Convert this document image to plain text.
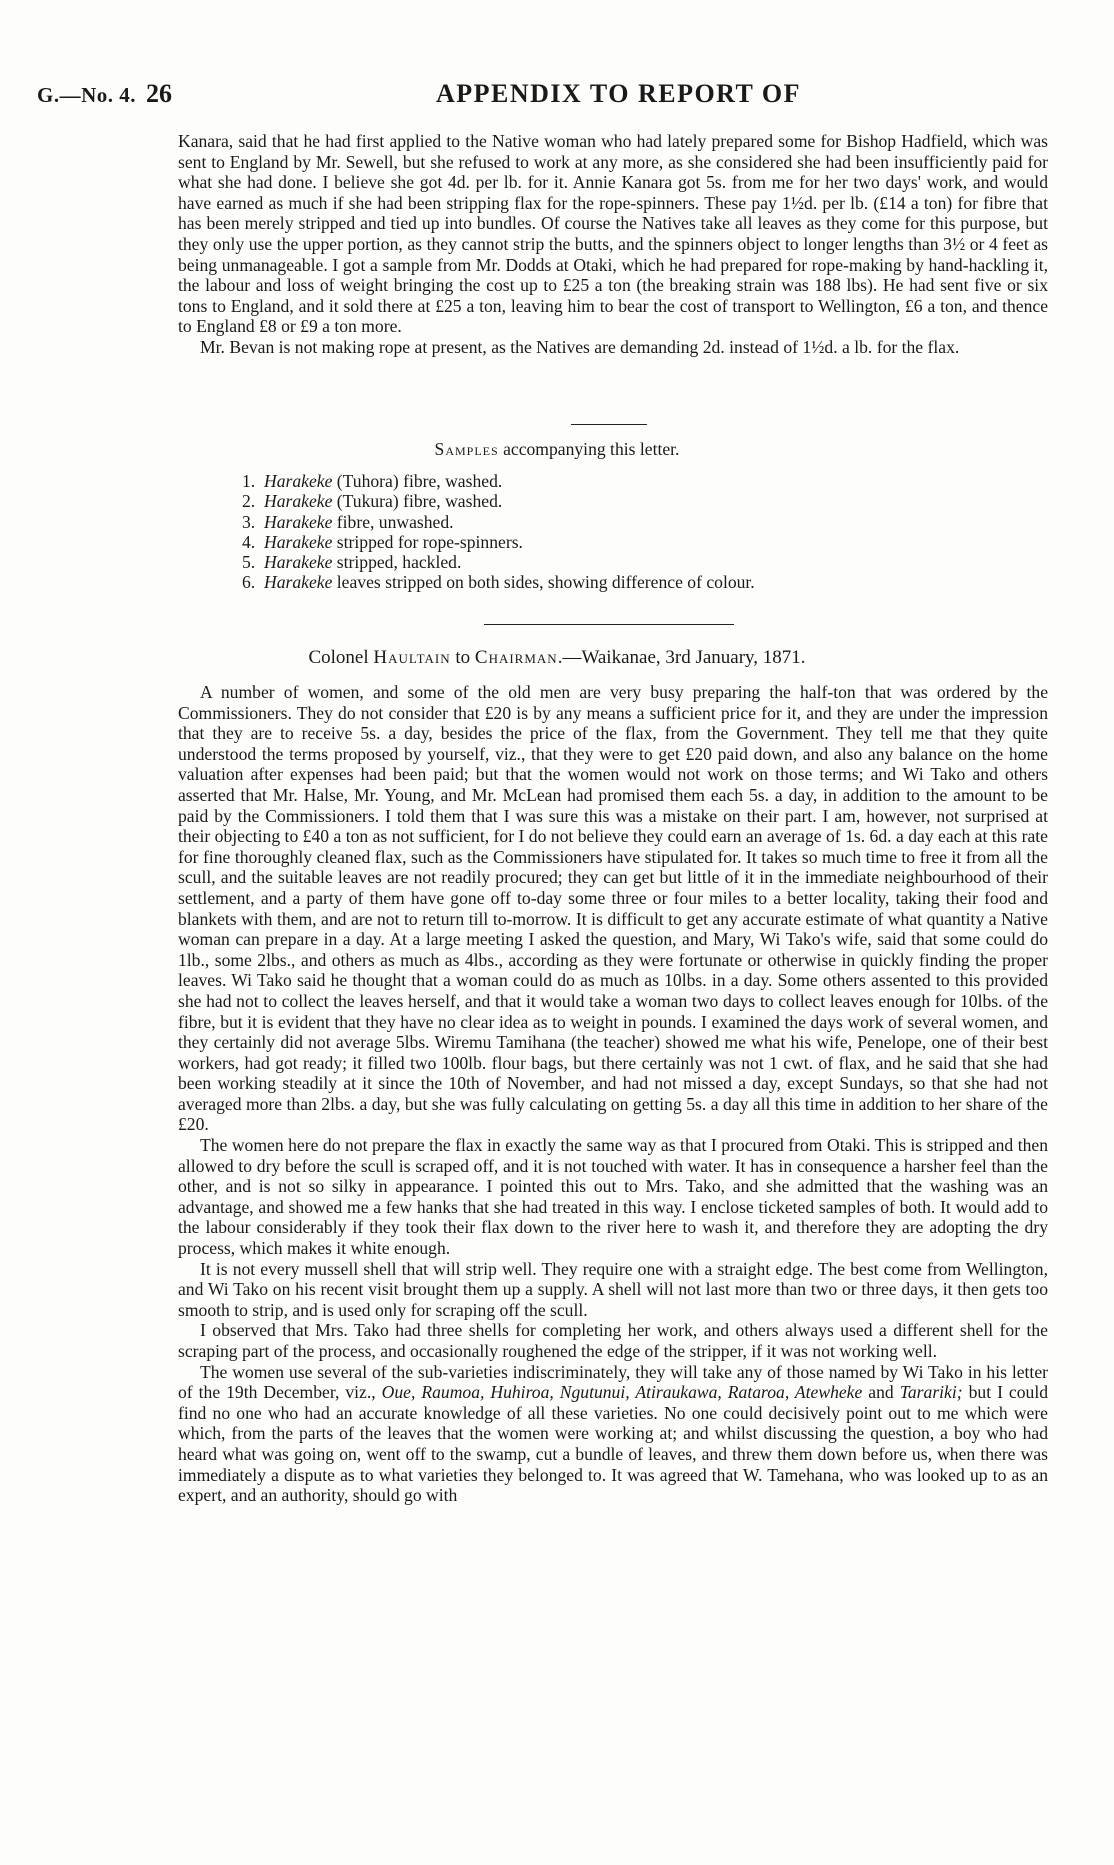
G.—No. 4. 26	APPENDIX TO REPORT OF

Kanara, said that he had first applied to the Native woman who had lately prepared some for Bishop Hadfield, which was sent to England by Mr. Sewell, but she refused to work at any more, as she considered she had been insufficiently paid for what she had done. I believe she got 4d. per lb. for it. Annie Kanara got 5s. from me for her two days' work, and would have earned as much if she had been stripping flax for the rope-spinners. These pay 1½d. per lb. (£14 a ton) for fibre that has been merely stripped and tied up into bundles. Of course the Natives take all leaves as they come for this purpose, but they only use the upper portion, as they cannot strip the butts, and the spinners object to longer lengths than 3½ or 4 feet as being unmanageable. I got a sample from Mr. Dodds at Otaki, which he had prepared for rope-making by hand-hackling it, the labour and loss of weight bringing the cost up to £25 a ton (the breaking strain was 188 lbs). He had sent five or six tons to England, and it sold there at £25 a ton, leaving him to bear the cost of transport to Wellington, £6 a ton, and thence to England £8 or £9 a ton more.

Mr. Bevan is not making rope at present, as the Natives are demanding 2d. instead of 1½d. a lb. for the flax.

Samples accompanying this letter.
1. Harakeke (Tuhora) fibre, washed.
2. Harakeke (Tukura) fibre, washed.
3. Harakeke fibre, unwashed.
4. Harakeke stripped for rope-spinners.
5. Harakeke stripped, hackled.
6. Harakeke leaves stripped on both sides, showing difference of colour.
Colonel Haultain to Chairman.—Waikanae, 3rd January, 1871.

A number of women, and some of the old men are very busy preparing the half-ton that was ordered by the Commissioners. They do not consider that £20 is by any means a sufficient price for it, and they are under the impression that they are to receive 5s. a day, besides the price of the flax, from the Government. They tell me that they quite understood the terms proposed by yourself, viz., that they were to get £20 paid down, and also any balance on the home valuation after expenses had been paid; but that the women would not work on those terms; and Wi Tako and others asserted that Mr. Halse, Mr. Young, and Mr. McLean had promised them each 5s. a day, in addition to the amount to be paid by the Commissioners. I told them that I was sure this was a mistake on their part. I am, however, not surprised at their objecting to £40 a ton as not sufficient, for I do not believe they could earn an average of 1s. 6d. a day each at this rate for fine thoroughly cleaned flax, such as the Commissioners have stipulated for. It takes so much time to free it from all the scull, and the suitable leaves are not readily procured; they can get but little of it in the immediate neighbourhood of their settlement, and a party of them have gone off to-day some three or four miles to a better locality, taking their food and blankets with them, and are not to return till to-morrow. It is difficult to get any accurate estimate of what quantity a Native woman can prepare in a day. At a large meeting I asked the question, and Mary, Wi Tako's wife, said that some could do 1lb., some 2lbs., and others as much as 4lbs., according as they were fortunate or otherwise in quickly finding the proper leaves. Wi Tako said he thought that a woman could do as much as 10lbs. in a day. Some others assented to this provided she had not to collect the leaves herself, and that it would take a woman two days to collect leaves enough for 10lbs. of the fibre, but it is evident that they have no clear idea as to weight in pounds. I examined the days work of several women, and they certainly did not average 5lbs. Wiremu Tamihana (the teacher) showed me what his wife, Penelope, one of their best workers, had got ready; it filled two 100lb. flour bags, but there certainly was not 1 cwt. of flax, and he said that she had been working steadily at it since the 10th of November, and had not missed a day, except Sundays, so that she had not averaged more than 2lbs. a day, but she was fully calculating on getting 5s. a day all this time in addition to her share of the £20.

The women here do not prepare the flax in exactly the same way as that I procured from Otaki. This is stripped and then allowed to dry before the scull is scraped off, and it is not touched with water. It has in consequence a harsher feel than the other, and is not so silky in appearance. I pointed this out to Mrs. Tako, and she admitted that the washing was an advantage, and showed me a few hanks that she had treated in this way. I enclose ticketed samples of both. It would add to the labour considerably if they took their flax down to the river here to wash it, and therefore they are adopting the dry process, which makes it white enough.

It is not every mussell shell that will strip well. They require one with a straight edge. The best come from Wellington, and Wi Tako on his recent visit brought them up a supply. A shell will not last more than two or three days, it then gets too smooth to strip, and is used only for scraping off the scull.

I observed that Mrs. Tako had three shells for completing her work, and others always used a different shell for the scraping part of the process, and occasionally roughened the edge of the stripper, if it was not working well.

The women use several of the sub-varieties indiscriminately, they will take any of those named by Wi Tako in his letter of the 19th December, viz., Oue, Raumoa, Huhiroa, Ngutunui, Atiraukawa, Rataroa, Atewheke and Tarariki; but I could find no one who had an accurate knowledge of all these varieties. No one could decisively point out to me which were which, from the parts of the leaves that the women were working at; and whilst discussing the question, a boy who had heard what was going on, went off to the swamp, cut a bundle of leaves, and threw them down before us, when there was immediately a dispute as to what varieties they belonged to. It was agreed that W. Tamehana, who was looked up to as an expert, and an authority, should go with
